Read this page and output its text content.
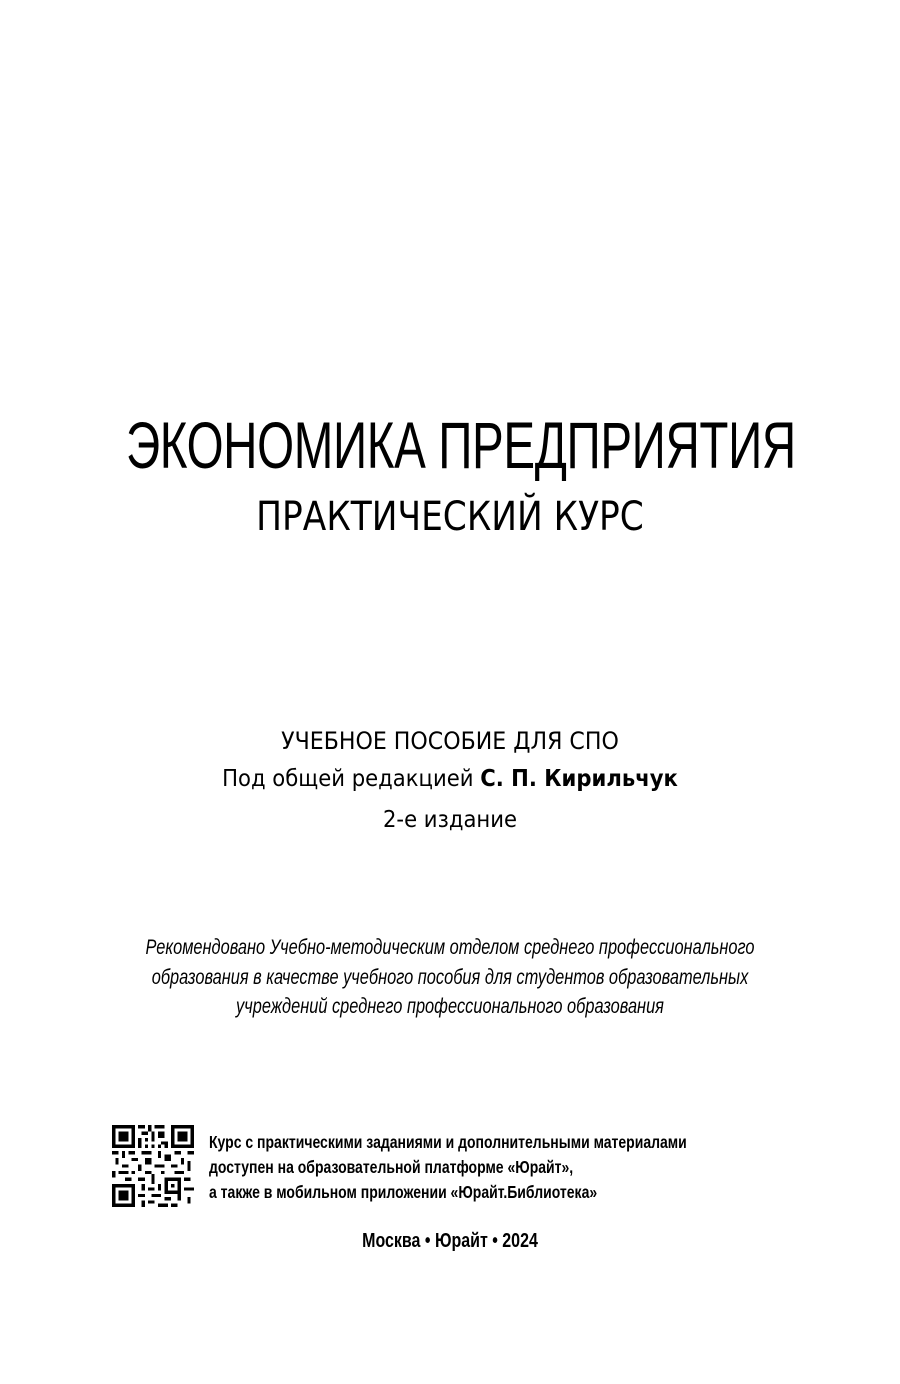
ЭКОНОМИКА ПРЕДПРИЯТИЯ
ПРАКТИЧЕСКИЙ КУРС
УЧЕБНОЕ ПОСОБИЕ ДЛЯ СПО
Под общей редакцией С. П. Кирильчук
2-е издание
Рекомендовано Учебно-методическим отделом среднего профессионального
образования в качестве учебного пособия для студентов образовательных
учреждений среднего профессионального образования
Курс с практическими заданиями и дополнительными материалами
доступен на образовательной платформе «Юрайт»,
а также в мобильном приложении «Юрайт.Библиотека»
Москва • Юрайт • 2024
